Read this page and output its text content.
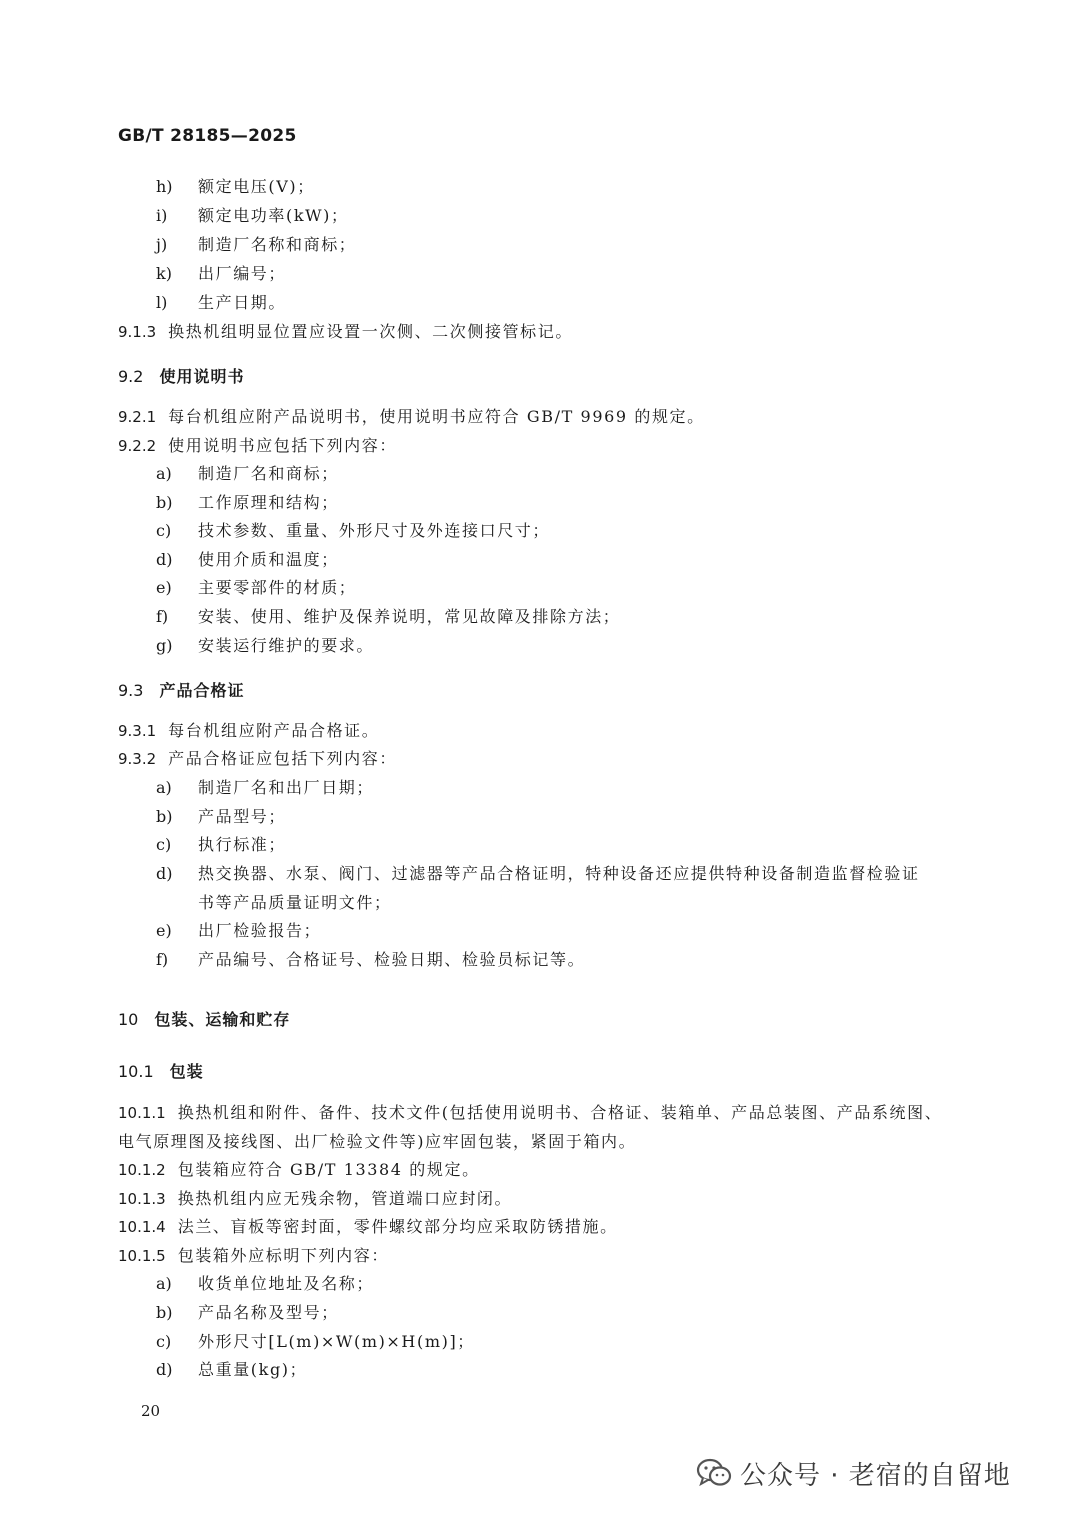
GB/T 28185—2025
h) 额定电压(V)；
i) 额定电功率(kW)；
j) 制造厂名称和商标；
k) 出厂编号；
l) 生产日期。
9.1.3 换热机组明显位置应设置一次侧、二次侧接管标记。
9.2.1 每台机组应附产品说明书，使用说明书应符合 GB/T 9969 的规定。
9.2.2 使用说明书应包括下列内容：
a) 制造厂名和商标；
b) 工作原理和结构；
c) 技术参数、重量、外形尺寸及外连接口尺寸；
d) 使用介质和温度；
e) 主要零部件的材质；
f) 安装、使用、维护及保养说明，常见故障及排除方法；
g) 安装运行维护的要求。
9.3.1 每台机组应附产品合格证。
9.3.2 产品合格证应包括下列内容：
a) 制造厂名和出厂日期；
b) 产品型号；
c) 执行标准；
d) 热交换器、水泵、阀门、过滤器等产品合格证明，特种设备还应提供特种设备制造监督检验证
书等产品质量证明文件；
e) 出厂检验报告；
f) 产品编号、合格证号、检验日期、检验员标记等。
10.1.1 换热机组和附件、备件、技术文件(包括使用说明书、合格证、装箱单、产品总装图、产品系统图、
电气原理图及接线图、出厂检验文件等)应牢固包装，紧固于箱内。
10.1.2 包装箱应符合 GB/T 13384 的规定。
10.1.3 换热机组内应无残余物，管道端口应封闭。
10.1.4 法兰、盲板等密封面，零件螺纹部分均应采取防锈措施。
10.1.5 包装箱外应标明下列内容：
a) 收货单位地址及名称；
b) 产品名称及型号；
c) 外形尺寸[L(m)×W(m)×H(m)]；
d) 总重量(kg)；
9.2 使用说明书
9.3 产品合格证
10 包装、运输和贮存
10.1 包装
20
公众号 · 老宿的自留地
